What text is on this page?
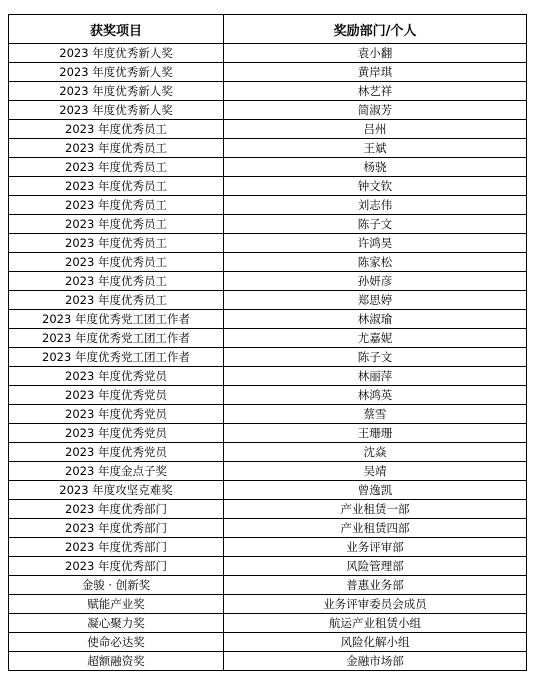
获奖项目	奖励部门/个人
2023 年度优秀新人奖	袁小翻
2023 年度优秀新人奖	黄岸琪
2023 年度优秀新人奖	林艺祥
2023 年度优秀新人奖	简淑芳
2023 年度优秀员工	吕州
2023 年度优秀员工	王斌
2023 年度优秀员工	杨骁
2023 年度优秀员工	钟文钦
2023 年度优秀员工	刘志伟
2023 年度优秀员工	陈子文
2023 年度优秀员工	许鸿昊
2023 年度优秀员工	陈家松
2023 年度优秀员工	孙妍彦
2023 年度优秀员工	郑思婷
2023 年度优秀党工团工作者	林淑瑜
2023 年度优秀党工团工作者	尤嘉妮
2023 年度优秀党工团工作者	陈子文
2023 年度优秀党员	林丽萍
2023 年度优秀党员	林鸿英
2023 年度优秀党员	蔡雪
2023 年度优秀党员	王珊珊
2023 年度优秀党员	沈焱
2023 年度金点子奖	吴靖
2023 年度攻坚克难奖	曾逸凯
2023 年度优秀部门	产业租赁一部
2023 年度优秀部门	产业租赁四部
2023 年度优秀部门	业务评审部
2023 年度优秀部门	风险管理部
金骏 · 创新奖	普惠业务部
赋能产业奖	业务评审委员会成员
凝心聚力奖	航运产业租赁小组
使命必达奖	风险化解小组
超额融资奖	金融市场部
